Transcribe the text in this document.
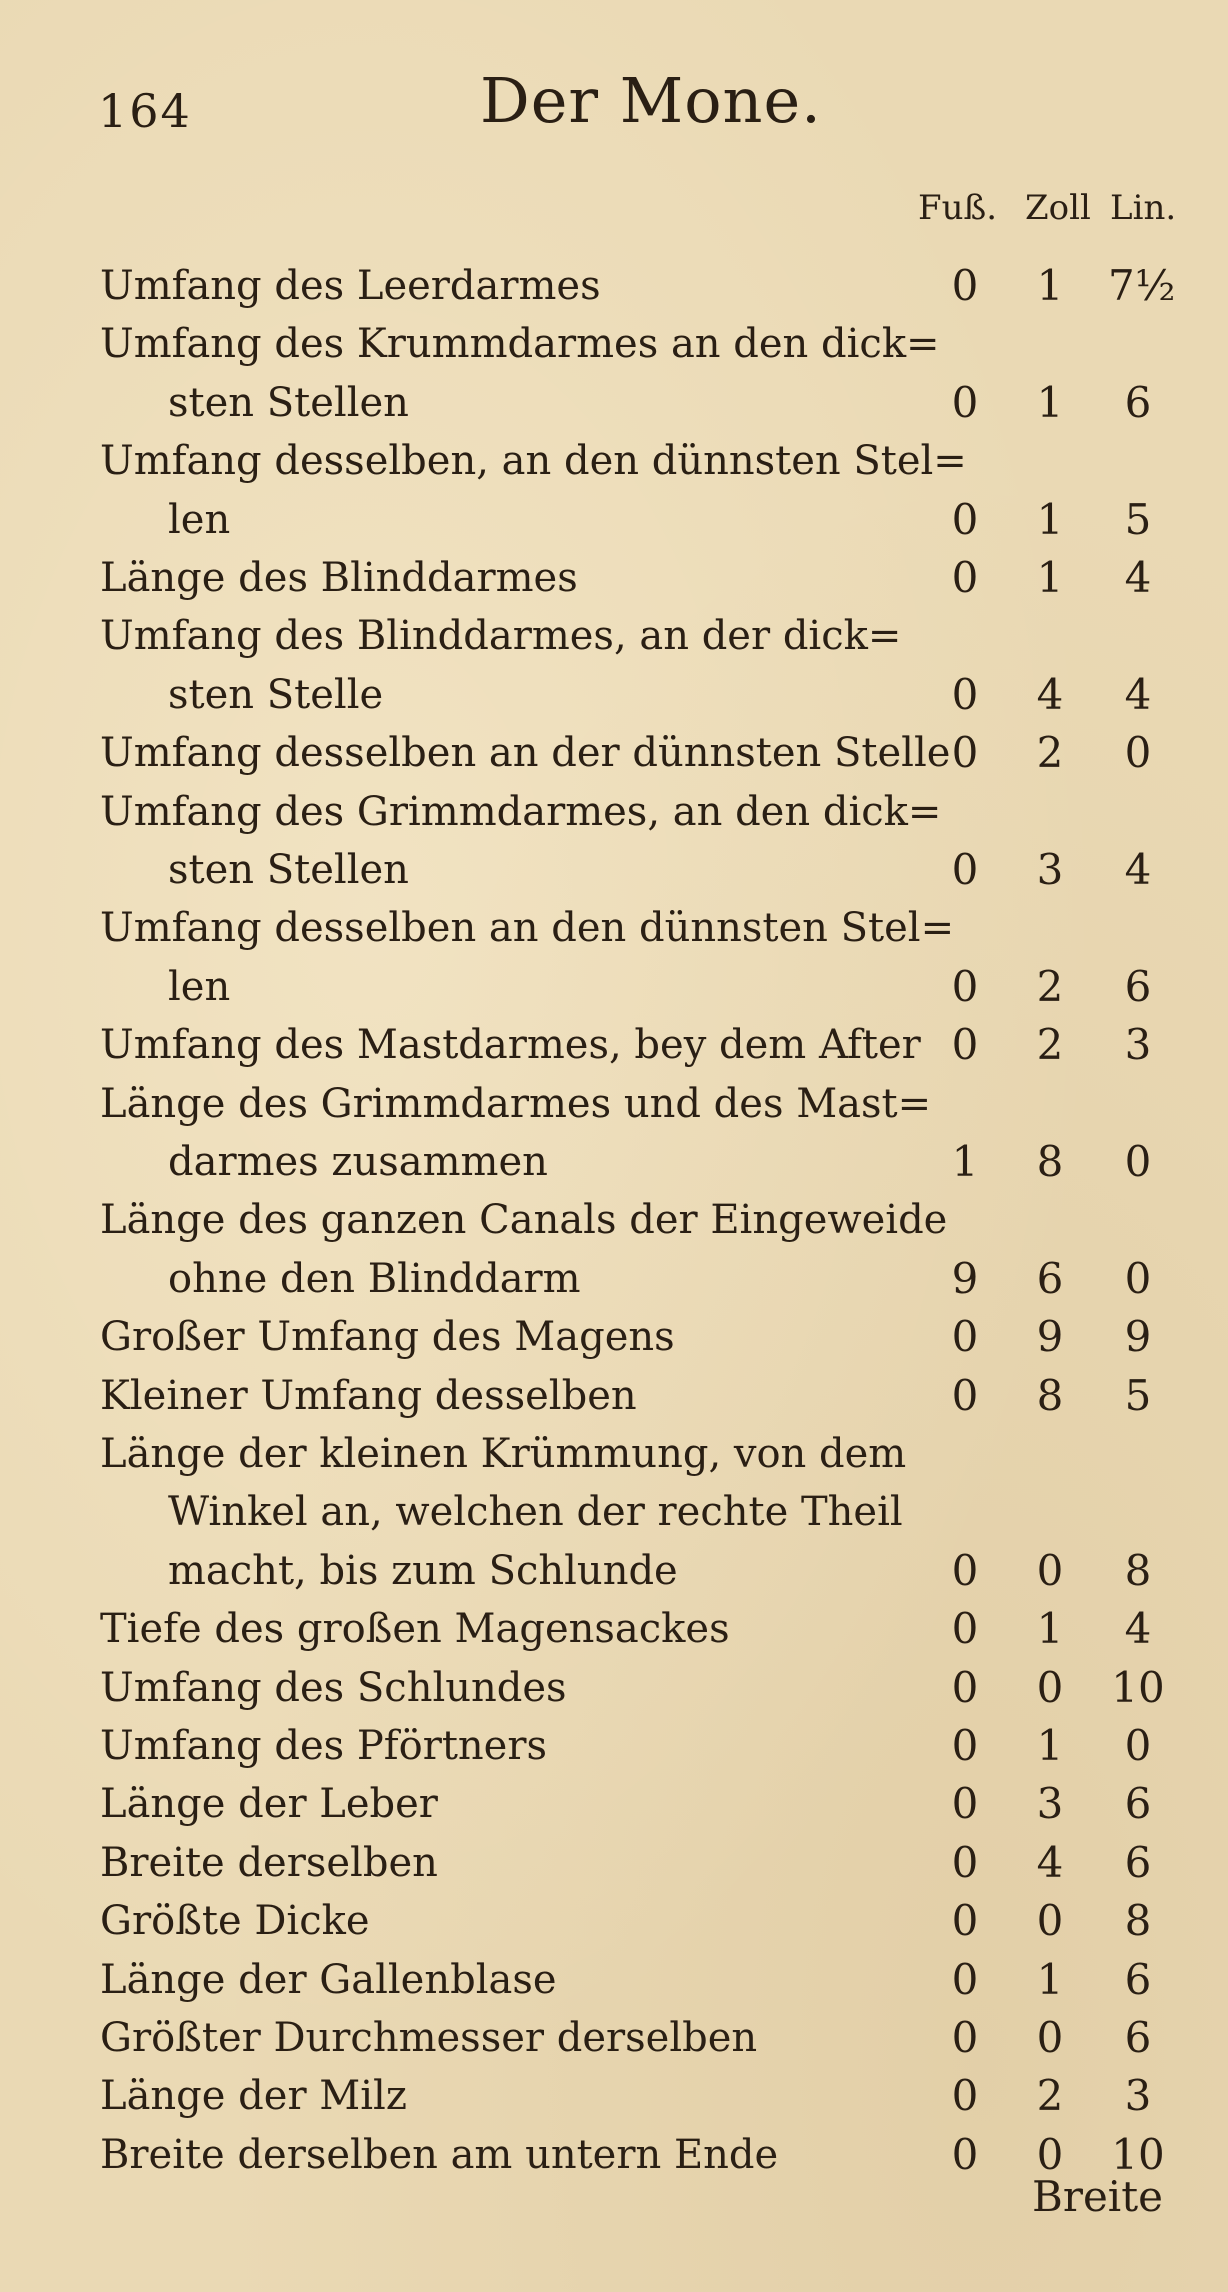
164	Der Mone.
Fuß. Zoll Lin.
Umfang des Leerdarmes	0	1	7½
Umfang des Krummdarmes an den dick=
sten Stellen	0	1	6
Umfang desselben, an den dünnsten Stel=
len	0	1	5
Länge des Blinddarmes	0	1	4
Umfang des Blinddarmes, an der dick=
sten Stelle	0	4	4
Umfang desselben an der dünnsten Stelle 0	2	0
Umfang des Grimmdarmes, an den dick=
sten Stellen	0	3	4
Umfang desselben an den dünnsten Stel=
len	0	2	6
Umfang des Mastdarmes, bey dem After 0	2	3
Länge des Grimmdarmes und des Mast=
darmes zusammen	1	8	0
Länge des ganzen Canals der Eingeweide
ohne den Blinddarm	9	6	0
Großer Umfang des Magens	0	9	9
Kleiner Umfang desselben	0	8	5
Länge der kleinen Krümmung, von dem
Winkel an, welchen der rechte Theil
macht, bis zum Schlunde	0	0	8
Tiefe des großen Magensackes	0	1	4
Umfang des Schlundes	0	0	10
Umfang des Pförtners	0	1	0
Länge der Leber	0	3	6
Breite derselben	0	4	6
Größte Dicke	0	0	8
Länge der Gallenblase	0	1	6
Größter Durchmesser derselben	0	0	6
Länge der Milz	0	2	3
Breite derselben am untern Ende	0	0	10
Breite
